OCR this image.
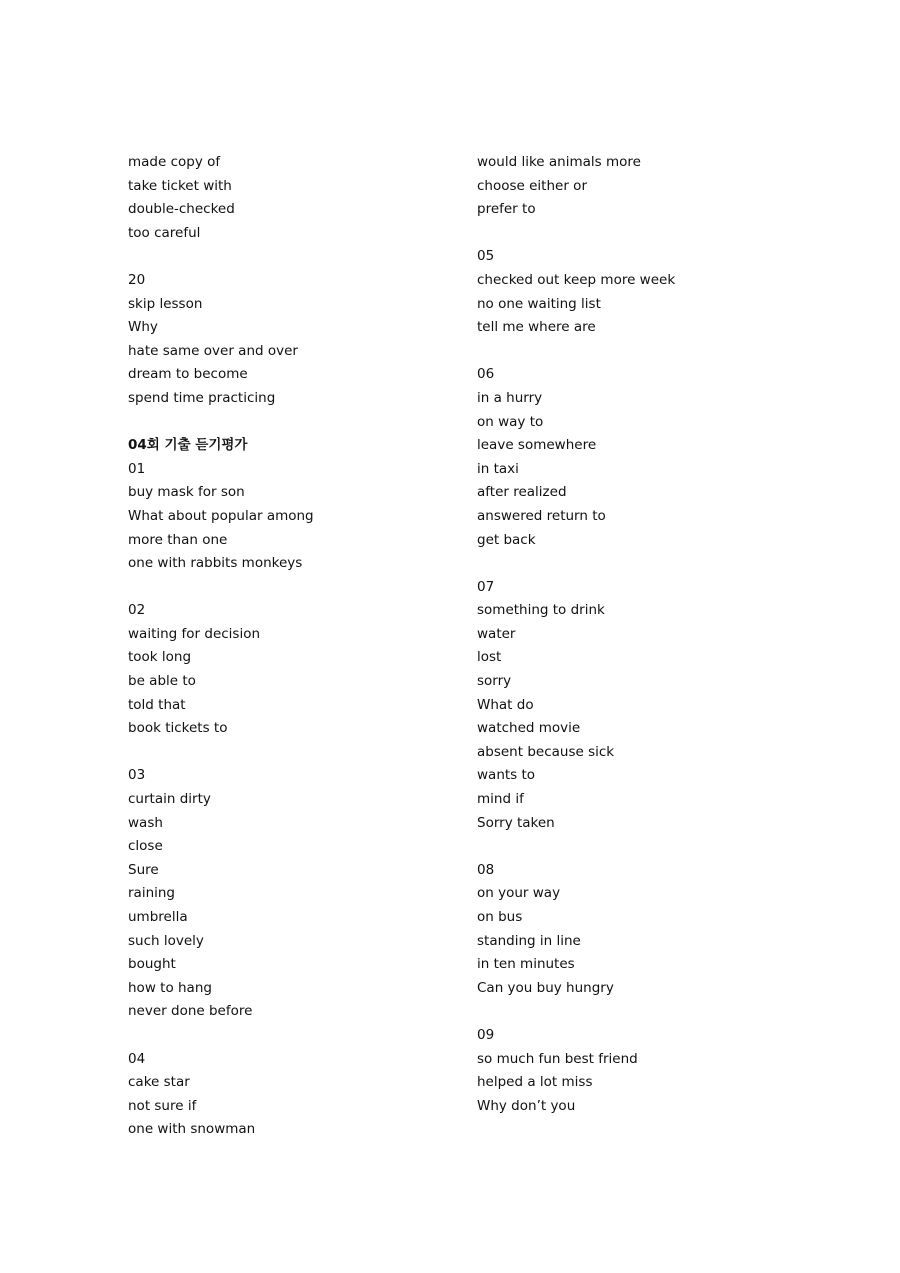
made copy of
take ticket with
double-checked
too careful
20
skip lesson
Why
hate same over and over
dream to become
spend time practicing
04회 기출 듣기평가
01
buy mask for son
What about popular among
more than one
one with rabbits monkeys
02
waiting for decision
took long
be able to
told that
book tickets to
03
curtain dirty
wash
close
Sure
raining
umbrella
such lovely
bought
how to hang
never done before
04
cake star
not sure if
one with snowman
would like animals more
choose either or
prefer to
05
checked out keep more week
no one waiting list
tell me where are
06
in a hurry
on way to
leave somewhere
in taxi
after realized
answered return to
get back
07
something to drink
water
lost
sorry
What do
watched movie
absent because sick
wants to
mind if
Sorry taken
08
on your way
on bus
standing in line
in ten minutes
Can you buy hungry
09
so much fun best friend
helped a lot miss
Why don’t you
